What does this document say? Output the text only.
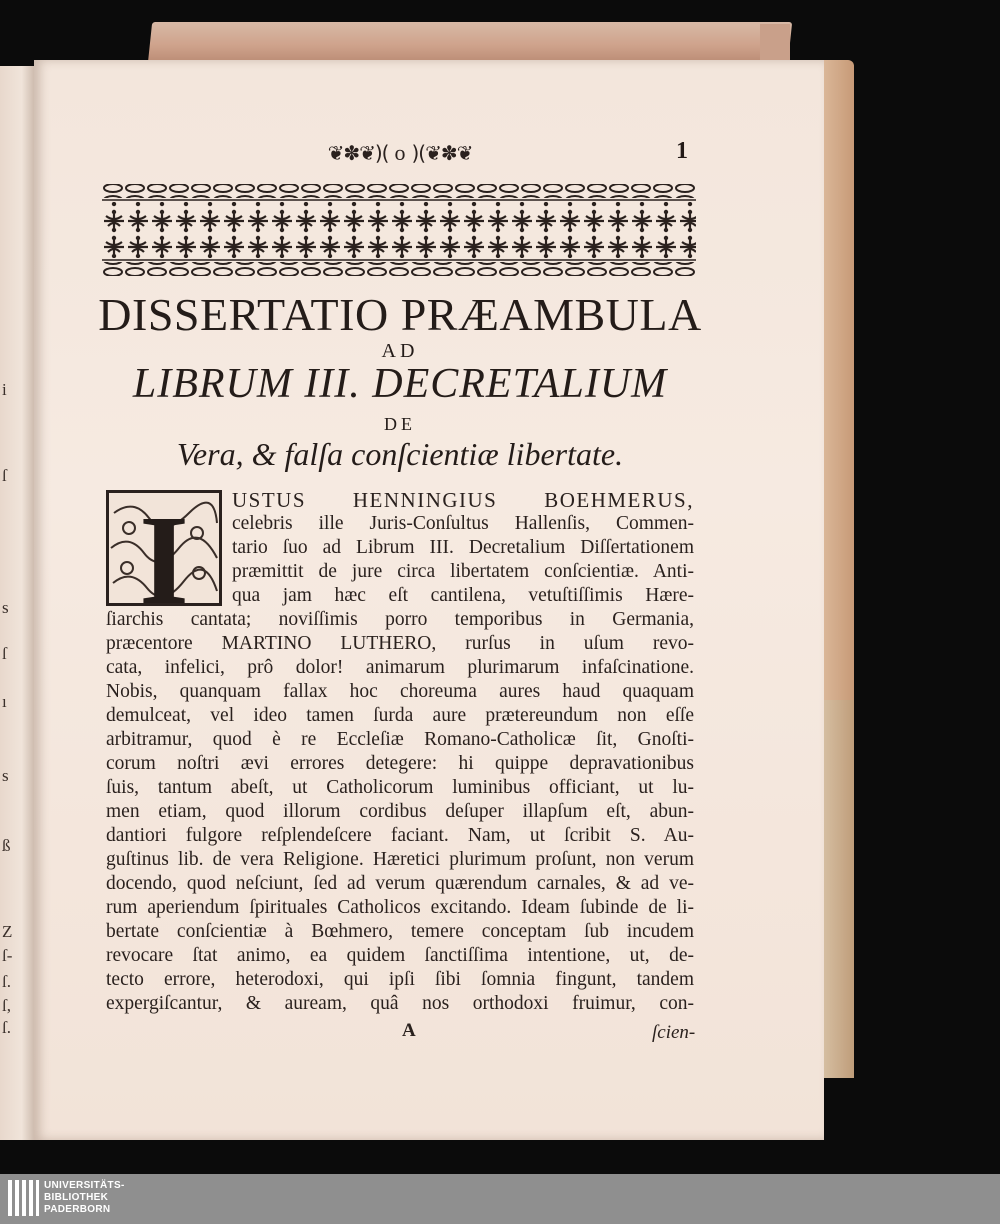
i
ſ
s
ſ
ı
s
ß
Z
ſ-
ſ.
ſ,
ſ.
❦✽❦)( o )(❦✽❦	1
DISSERTATIO PRÆAMBULA
AD
LIBRUM III. DECRETALIUM
DE
Vera, & falſa conſcientiæ libertate.
I	USTUS HENNINGIUS BOEHMERUS,
celebris ille Juris-Conſultus Hallenſis, Commen-
tario ſuo ad Librum III. Decretalium Diſſertationem
præmittit de jure circa libertatem conſcientiæ. Anti-
qua jam hæc eſt cantilena, vetuſtiſſimis Hære-
ſiarchis cantata; noviſſimis porro temporibus in Germania,
præcentore MARTINO LUTHERO, rurſus in uſum revo-
cata, infelici, prô dolor! animarum plurimarum infaſcinatione.
Nobis, quanquam fallax hoc choreuma aures haud quaquam
demulceat, vel ideo tamen ſurda aure prætereundum non eſſe
arbitramur, quod è re Eccleſiæ Romano-Catholicæ ſit, Gnoſti-
corum noſtri ævi errores detegere: hi quippe depravationibus
ſuis, tantum abeſt, ut Catholicorum luminibus officiant, ut lu-
men etiam, quod illorum cordibus deſuper illapſum eſt, abun-
dantiori fulgore reſplendeſcere faciant. Nam, ut ſcribit S. Au-
guſtinus lib. de vera Religione. Hæretici plurimum proſunt, non verum
docendo, quod neſciunt, ſed ad verum quærendum carnales, & ad ve-
rum aperiendum ſpirituales Catholicos excitando. Ideam ſubinde de li-
bertate conſcientiæ à Bœhmero, temere conceptam ſub incudem
revocare ſtat animo, ea quidem ſanctiſſima intentione, ut, de-
tecto errore, heterodoxi, qui ipſi ſibi ſomnia fingunt, tandem
expergiſcantur, & auream, quâ nos orthodoxi fruimur, con-
A	ſcien-
UNIVERSITÄTS-
BIBLIOTHEK
PADERBORN
